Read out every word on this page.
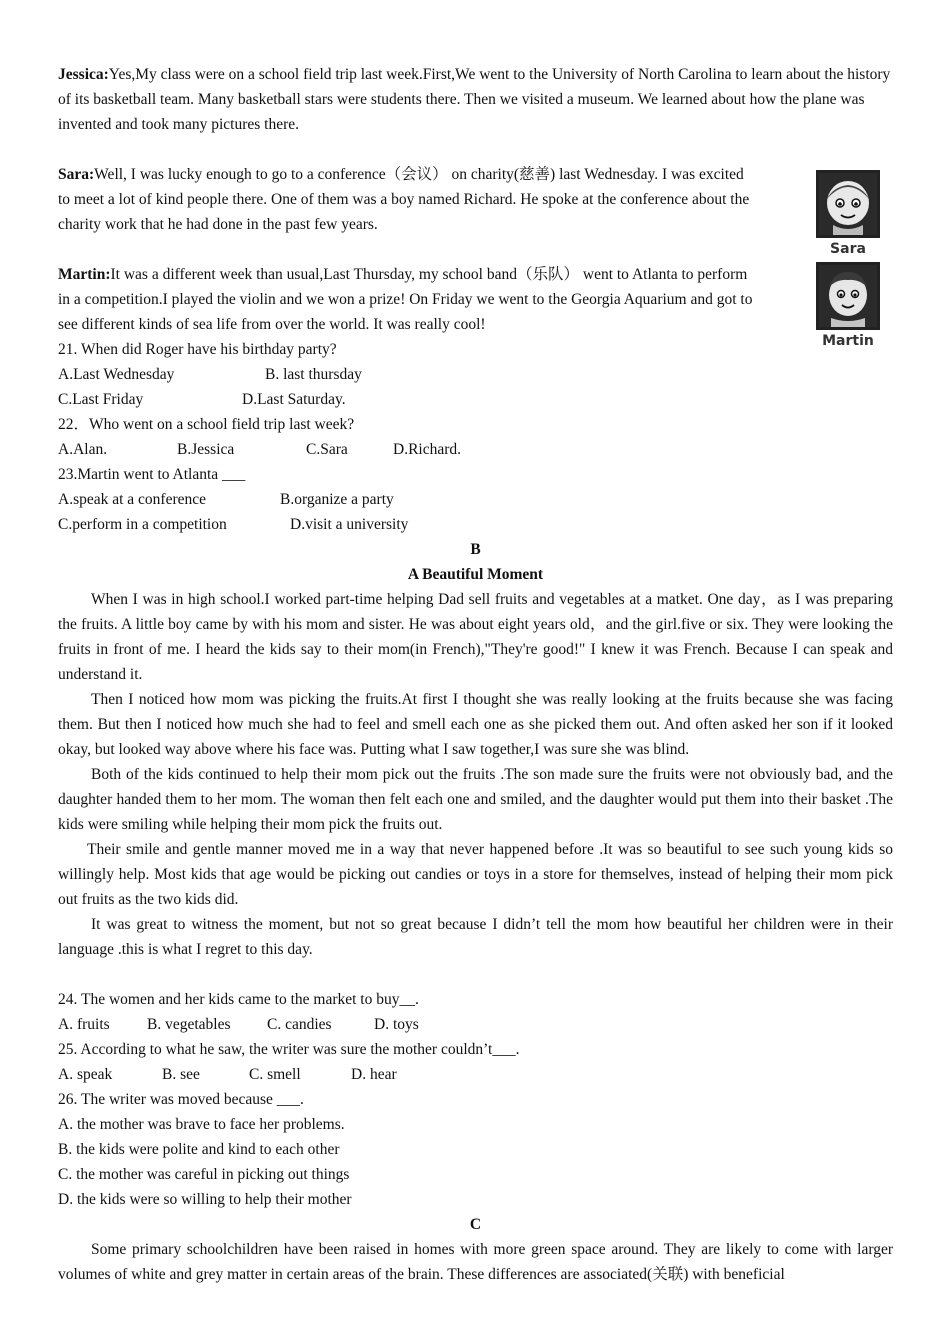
Jessica:Yes,My class were on a school field trip last week.First,We went to the University of North Carolina to learn about the history of its basketball team. Many basketball stars were students there. Then we visited a museum. We learned about how the plane was invented and took many pictures there.

Sara:Well, I was lucky enough to go to a conference（会议） on charity(慈善) last Wednesday. I was excited to meet a lot of kind people there. One of them was a boy named Richard. He spoke at the conference about the charity work that he had done in the past few years.

Martin:It was a different week than usual,Last Thursday, my school band（乐队） went to Atlanta to perform in a competition.I played the violin and we won a prize! On Friday we went to the Georgia Aquarium and got to see different kinds of sea life from over the world. It was really cool!

21. When did Roger have his birthday party?

A.Last Wednesday	B. last thursday
C.Last Friday	D.Last Saturday.

22．Who went on a school field trip last week?

A.Alan.	B.Jessica	C.Sara	D.Richard.

23.Martin went to Atlanta ___

A.speak at a conference	B.organize a party
C.perform in a competition	D.visit a university

B

A Beautiful Moment

When I was in high school.I worked part-time helping Dad sell fruits and vegetables at a matket. One day，as I was preparing the fruits. A little boy came by with his mom and sister. He was about eight years old，and the girl.five or six. They were looking the fruits in front of me. I heard the kids say to their mom(in French),"They're good!" I knew it was French. Because I can speak and understand it.

Then I noticed how mom was picking the fruits.At first I thought she was really looking at the fruits because she was facing them. But then I noticed how much she had to feel and smell each one as she picked them out. And often asked her son if it looked okay, but looked way above where his face was. Putting what I saw together,I was sure she was blind.

Both of the kids continued to help their mom pick out the fruits .The son made sure the fruits were not obviously bad, and the daughter handed them to her mom. The woman then felt each one and smiled, and the daughter would put them into their basket .The kids were smiling while helping their mom pick the fruits out.

Their smile and gentle manner moved me in a way that never happened before .It was so beautiful to see such young kids so willingly help. Most kids that age would be picking out candies or toys in a store for themselves, instead of helping their mom pick out fruits as the two kids did.

It was great to witness the moment, but not so great because I didn’t tell the mom how beautiful her children were in their language .this is what I regret to this day.

24. The women and her kids came to the market to buy__.

A. fruits	B. vegetables	C. candies	D. toys

25. According to what he saw, the writer was sure the mother couldn’t___.

A. speak	B. see	C. smell	D. hear

26. The writer was moved because ___.

A. the mother was brave to face her problems.

B. the kids were polite and kind to each other

C. the mother was careful in picking out things

D. the kids were so willing to help their mother

C

Some primary schoolchildren have been raised in homes with more green space around. They are likely to come with larger volumes of white and grey matter in certain areas of the brain. These differences are associated(关联) with beneficial

Sara
Martin
